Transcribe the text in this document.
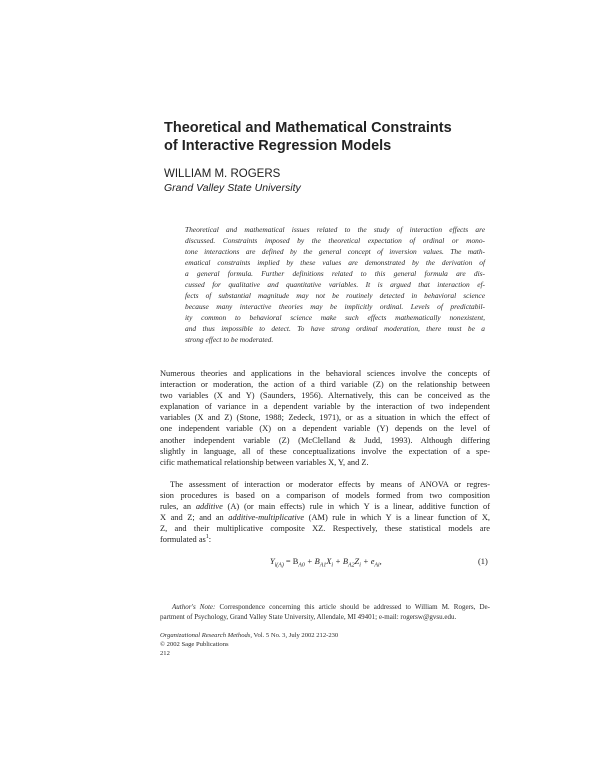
Theoretical and Mathematical Constraints
of Interactive Regression Models
WILLIAM M. ROGERS
Grand Valley State University
Theoretical and mathematical issues related to the study of interaction effects are
discussed. Constraints imposed by the theoretical expectation of ordinal or mono-
tone interactions are defined by the general concept of inversion values. The math-
ematical constraints implied by these values are demonstrated by the derivation of
a general formula. Further definitions related to this general formula are dis-
cussed for qualitative and quantitative variables. It is argued that interaction ef-
fects of substantial magnitude may not be routinely detected in behavioral science
because many interactive theories may be implicitly ordinal. Levels of predictabil-
ity common to behavioral science make such effects mathematically nonexistent,
and thus impossible to detect. To have strong ordinal moderation, there must be a
strong effect to be moderated.
Numerous theories and applications in the behavioral sciences involve the concepts of
interaction or moderation, the action of a third variable (Z) on the relationship between
two variables (X and Y) (Saunders, 1956). Alternatively, this can be conceived as the
explanation of variance in a dependent variable by the interaction of two independent
variables (X and Z) (Stone, 1988; Zedeck, 1971), or as a situation in which the effect of
one independent variable (X) on a dependent variable (Y) depends on the level of
another independent variable (Z) (McClelland & Judd, 1993). Although differing
slightly in language, all of these conceptualizations involve the expectation of a spe-
cific mathematical relationship between variables X, Y, and Z.
The assessment of interaction or moderator effects by means of ANOVA or regres-
sion procedures is based on a comparison of models formed from two composition
rules, an additive (A) (or main effects) rule in which Y is a linear, additive function of
X and Z; and an additive-multiplicative (AM) rule in which Y is a linear function of X,
Z, and their multiplicative composite XZ. Respectively, these statistical models are
formulated $as^1$:
$Y_{i(A)} = B_{A0} + B_{A1}X_i + B_{A2}Z_i + e_{Ai}$,	(1)
Author's Note: Correspondence concerning this article should be addressed to William M. Rogers, De-
partment of Psychology, Grand Valley State University, Allendale, MI 49401; e-mail: rogersw@gvsu.edu.
Organizational Research Methods, Vol. 5 No. 3, July 2002 212-230
© 2002 Sage Publications
212
